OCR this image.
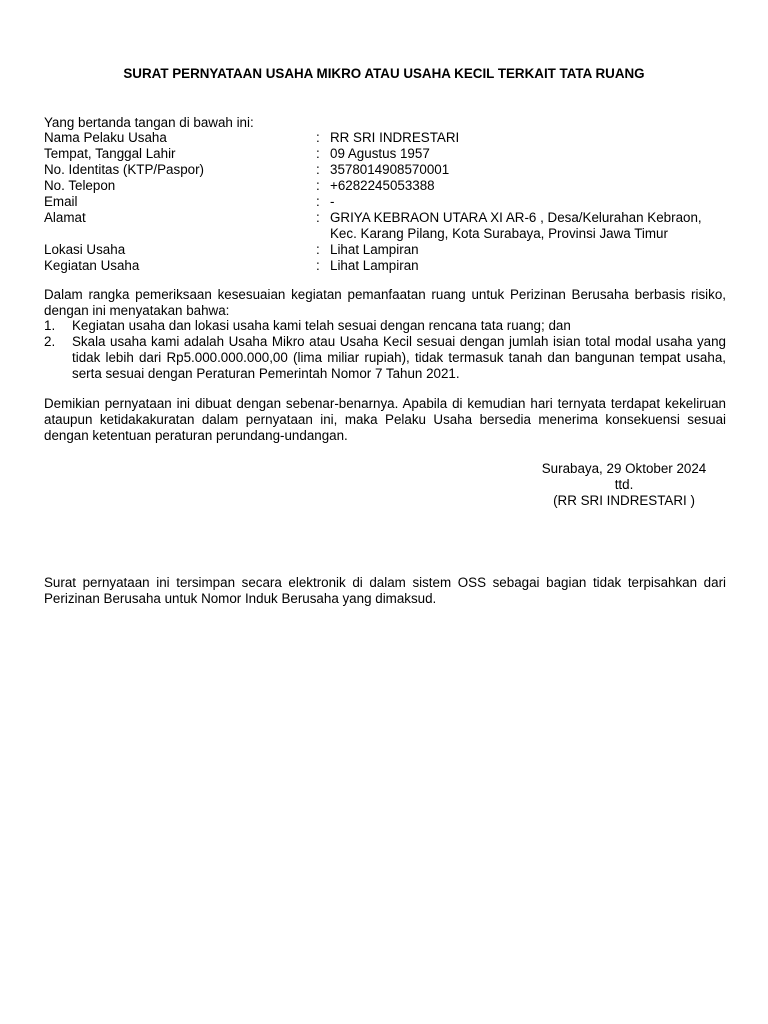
SURAT PERNYATAAN USAHA MIKRO ATAU USAHA KECIL TERKAIT TATA RUANG
Yang bertanda tangan di bawah ini:
Nama Pelaku Usaha	: RR SRI INDRESTARI
Tempat, Tanggal Lahir	: 09 Agustus 1957
No. Identitas (KTP/Paspor)	: 3578014908570001
No. Telepon	: +6282245053388
Email	: -
Alamat	: GRIYA KEBRAON UTARA XI AR-6 , Desa/Kelurahan Kebraon,
Kec. Karang Pilang, Kota Surabaya, Provinsi Jawa Timur
Lokasi Usaha	: Lihat Lampiran
Kegiatan Usaha	: Lihat Lampiran
Dalam rangka pemeriksaan kesesuaian kegiatan pemanfaatan ruang untuk Perizinan Berusaha berbasis risiko, dengan ini menyatakan bahwa:
1.	Kegiatan usaha dan lokasi usaha kami telah sesuai dengan rencana tata ruang; dan
2.	Skala usaha kami adalah Usaha Mikro atau Usaha Kecil sesuai dengan jumlah isian total modal usaha yang tidak lebih dari Rp5.000.000.000,00 (lima miliar rupiah), tidak termasuk tanah dan bangunan tempat usaha, serta sesuai dengan Peraturan Pemerintah Nomor 7 Tahun 2021.
Demikian pernyataan ini dibuat dengan sebenar-benarnya. Apabila di kemudian hari ternyata terdapat kekeliruan ataupun ketidakakuratan dalam pernyataan ini, maka Pelaku Usaha bersedia menerima konsekuensi sesuai dengan ketentuan peraturan perundang-undangan.
Surabaya, 29 Oktober 2024
ttd.
(RR SRI INDRESTARI )
Surat pernyataan ini tersimpan secara elektronik di dalam sistem OSS sebagai bagian tidak terpisahkan dari Perizinan Berusaha untuk Nomor Induk Berusaha yang dimaksud.
